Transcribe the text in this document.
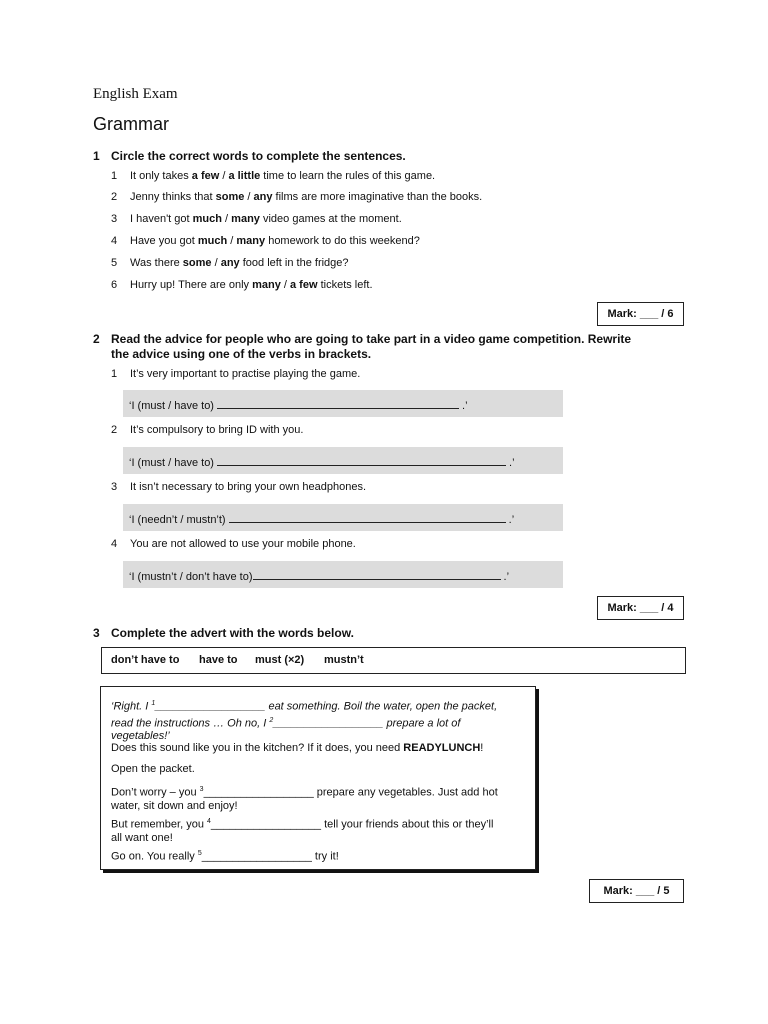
English Exam
Grammar
1 Circle the correct words to complete the sentences.
1 It only takes a few / a little time to learn the rules of this game.
2 Jenny thinks that some / any films are more imaginative than the books.
3 I haven't got much / many video games at the moment.
4 Have you got much / many homework to do this weekend?
5 Was there some / any food left in the fridge?
6 Hurry up! There are only many / a few tickets left.
Mark: ___ / 6
2 Read the advice for people who are going to take part in a video game competition. Rewrite
the advice using one of the verbs in brackets.
1 It’s very important to practise playing the game.
‘I (must / have to)	.’
2 It’s compulsory to bring ID with you.
‘I (must / have to)	.’
3 It isn’t necessary to bring your own headphones.
‘I (needn’t / mustn’t)	.’
4 You are not allowed to use your mobile phone.
‘I (mustn’t / don’t have to)	.’
Mark: ___ / 4
3 Complete the advert with the words below.
don’t have to have to must (×2) mustn’t

‘Right. I $^1$__________________ eat something. Boil the water, open the packet,
read the instructions … Oh no, I $^2$__________________ prepare a lot of
vegetables!’

Does this sound like you in the kitchen? If it does, you need READYLUNCH!

Open the packet.

Don’t worry – you $^3$__________________ prepare any vegetables. Just add hot
water, sit down and enjoy!

But remember, you $^4$__________________ tell your friends about this or they’ll
all want one!

Go on. You really $^5$__________________ try it!

Mark: ___ / 5
